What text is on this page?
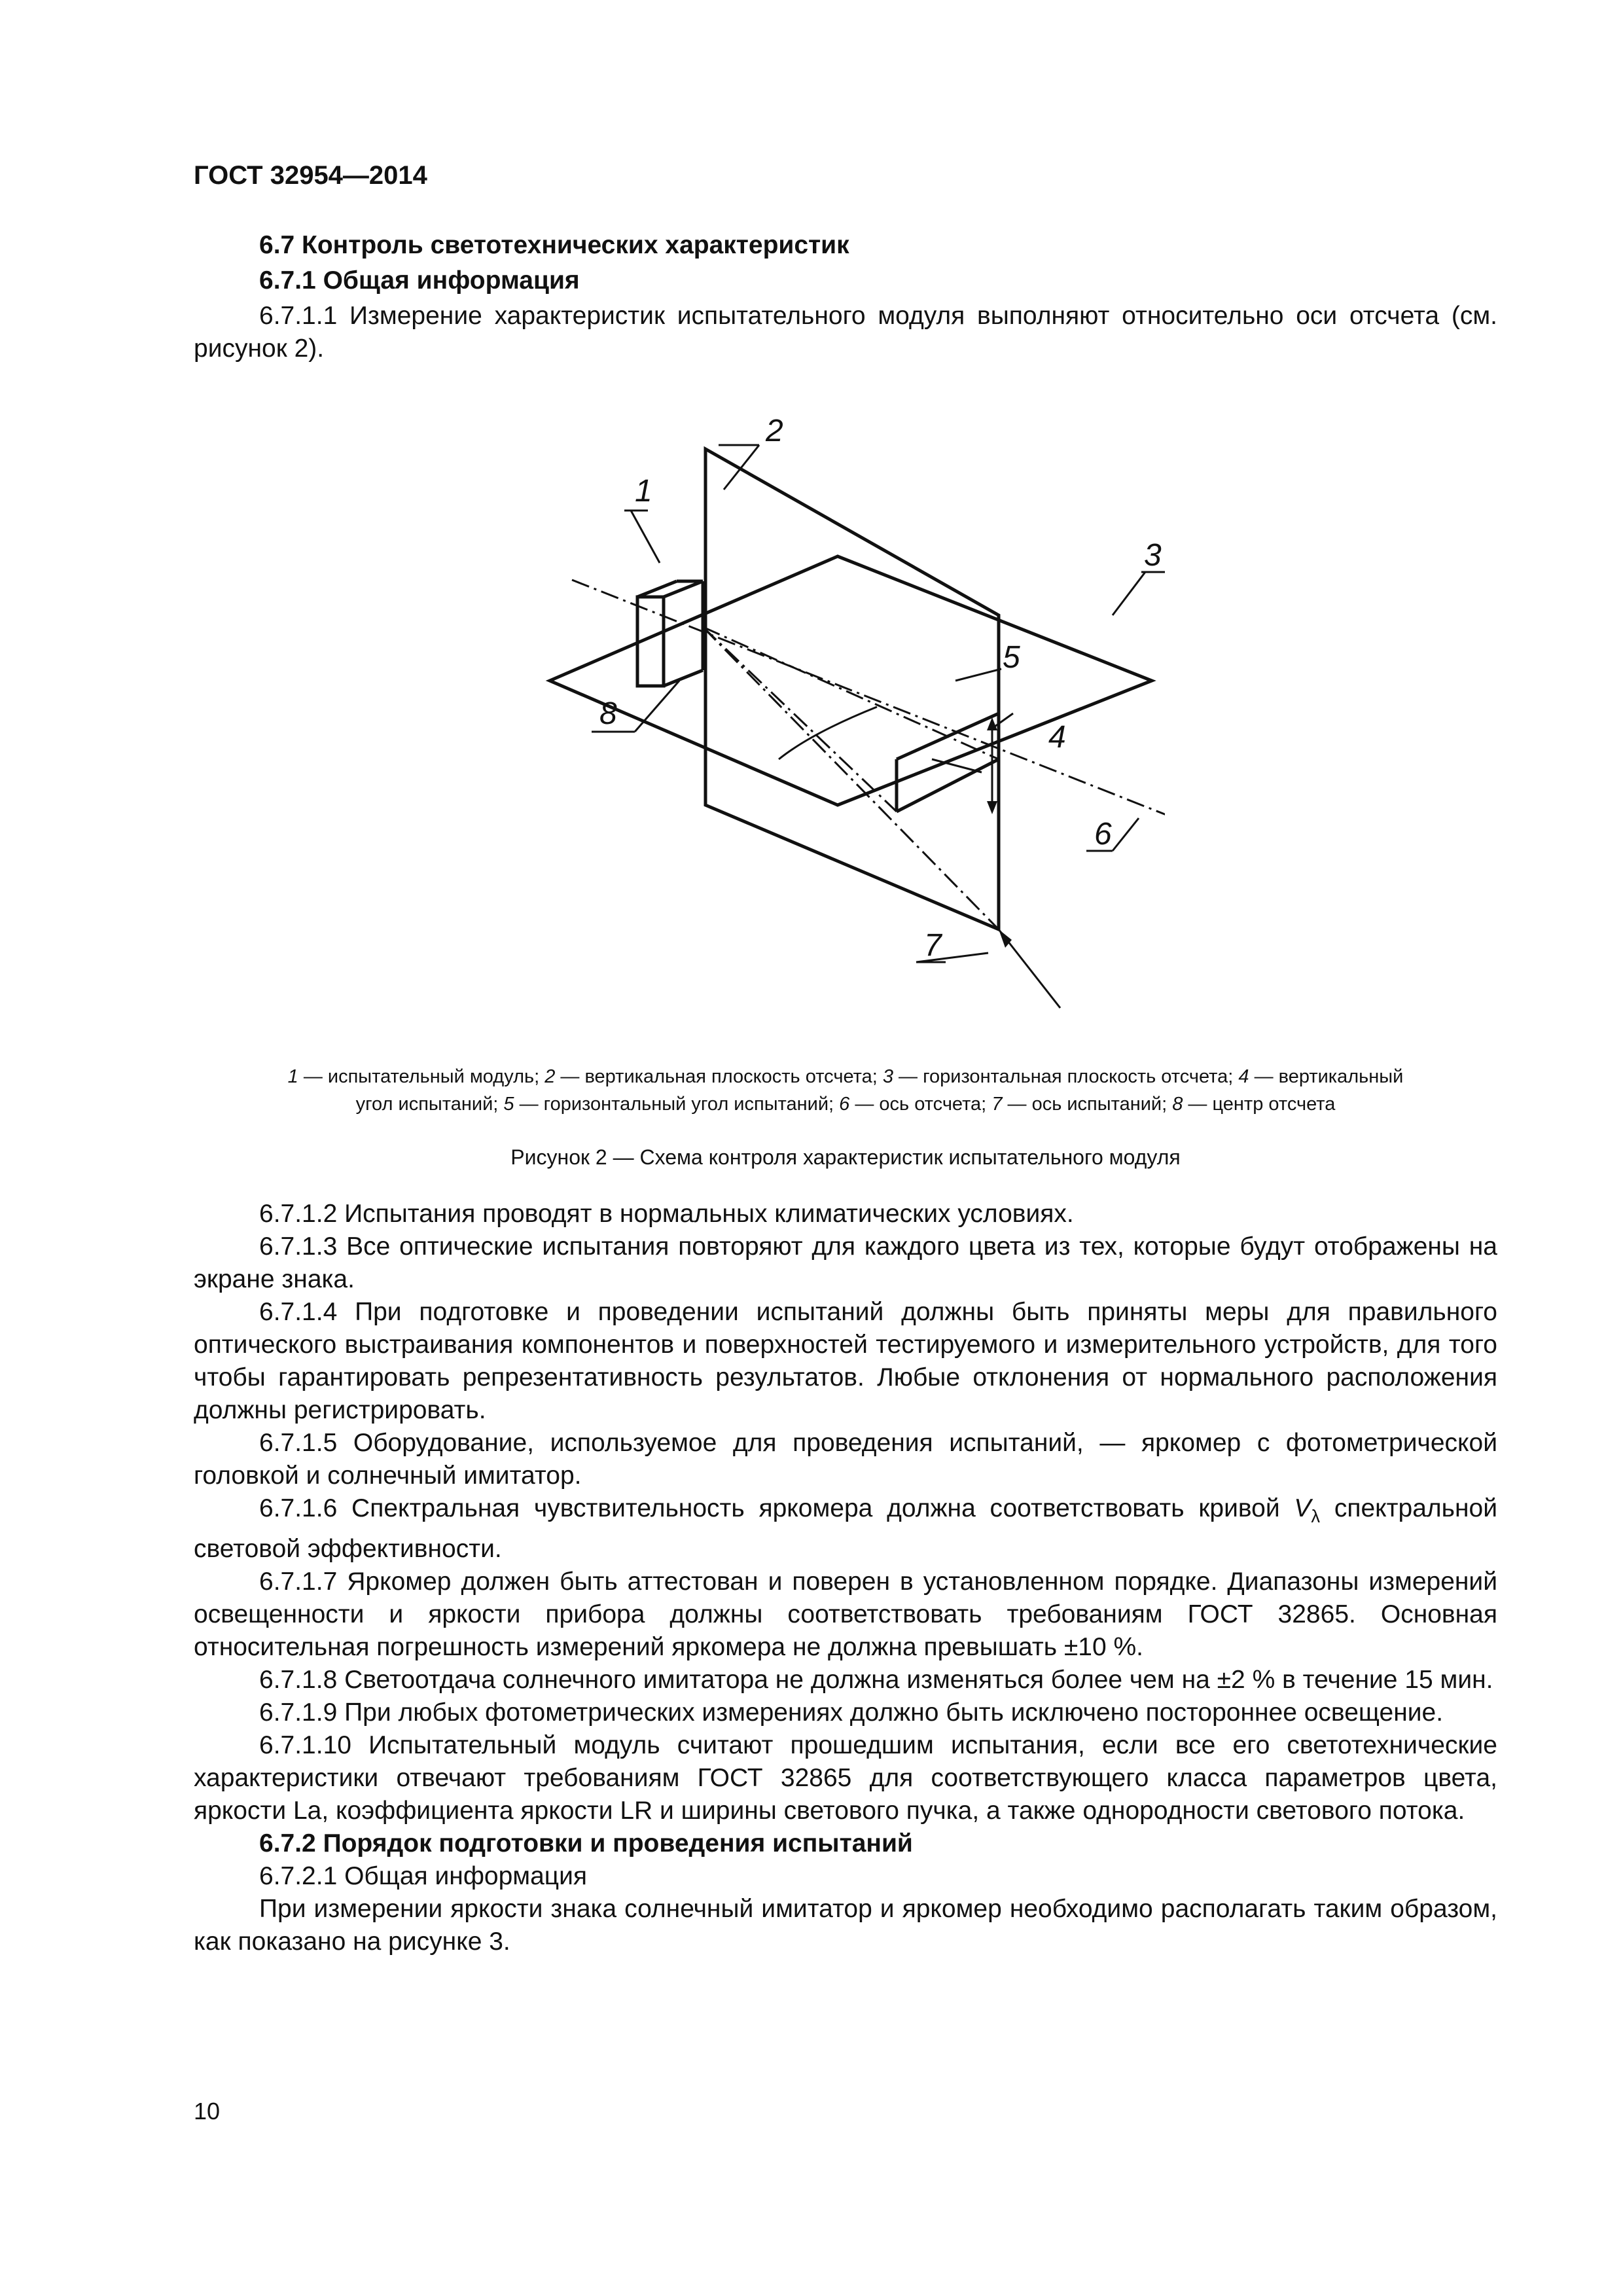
ГОСТ 32954—2014

6.7 Контроль светотехнических характеристик

6.7.1 Общая информация

6.7.1.1 Измерение характеристик испытательного модуля выполняют относительно оси отсчета (см. рисунок 2).

1
2
3
4
5
6
7
8
1 — испытательный модуль; 2 — вертикальная плоскость отсчета; 3 — горизонтальная плоскость отсчета; 4 — вертикальный
угол испытаний; 5 — горизонтальный угол испытаний; 6 — ось отсчета; 7 — ось испытаний; 8 — центр отсчета
Рисунок 2 — Схема контроля характеристик испытательного модуля

6.7.1.2 Испытания проводят в нормальных климатических условиях.

6.7.1.3 Все оптические испытания повторяют для каждого цвета из тех, которые будут отображены на экране знака.

6.7.1.4 При подготовке и проведении испытаний должны быть приняты меры для правильного оптического выстраивания компонентов и поверхностей тестируемого и измерительного устройств, для того чтобы гарантировать репрезентативность результатов. Любые отклонения от нормального расположения должны регистрировать.

6.7.1.5 Оборудование, используемое для проведения испытаний, — яркомер с фотометрической головкой и солнечный имитатор.

6.7.1.6 Спектральная чувствительность яркомера должна соответствовать кривой $V_\lambda$ спектральной световой эффективности.

6.7.1.7 Яркомер должен быть аттестован и поверен в установленном порядке. Диапазоны измерений освещенности и яркости прибора должны соответствовать требованиям ГОСТ 32865. Основная относительная погрешность измерений яркомера не должна превышать ±10 %.

6.7.1.8 Светоотдача солнечного имитатора не должна изменяться более чем на ±2 % в течение 15 мин.

6.7.1.9 При любых фотометрических измерениях должно быть исключено постороннее освещение.

6.7.1.10 Испытательный модуль считают прошедшим испытания, если все его светотехнические характеристики отвечают требованиям ГОСТ 32865 для соответствующего класса параметров цвета, яркости La, коэффициента яркости LR и ширины светового пучка, а также однородности светового потока.

6.7.2 Порядок подготовки и проведения испытаний

6.7.2.1 Общая информация

При измерении яркости знака солнечный имитатор и яркомер необходимо располагать таким образом, как показано на рисунке 3.

10
